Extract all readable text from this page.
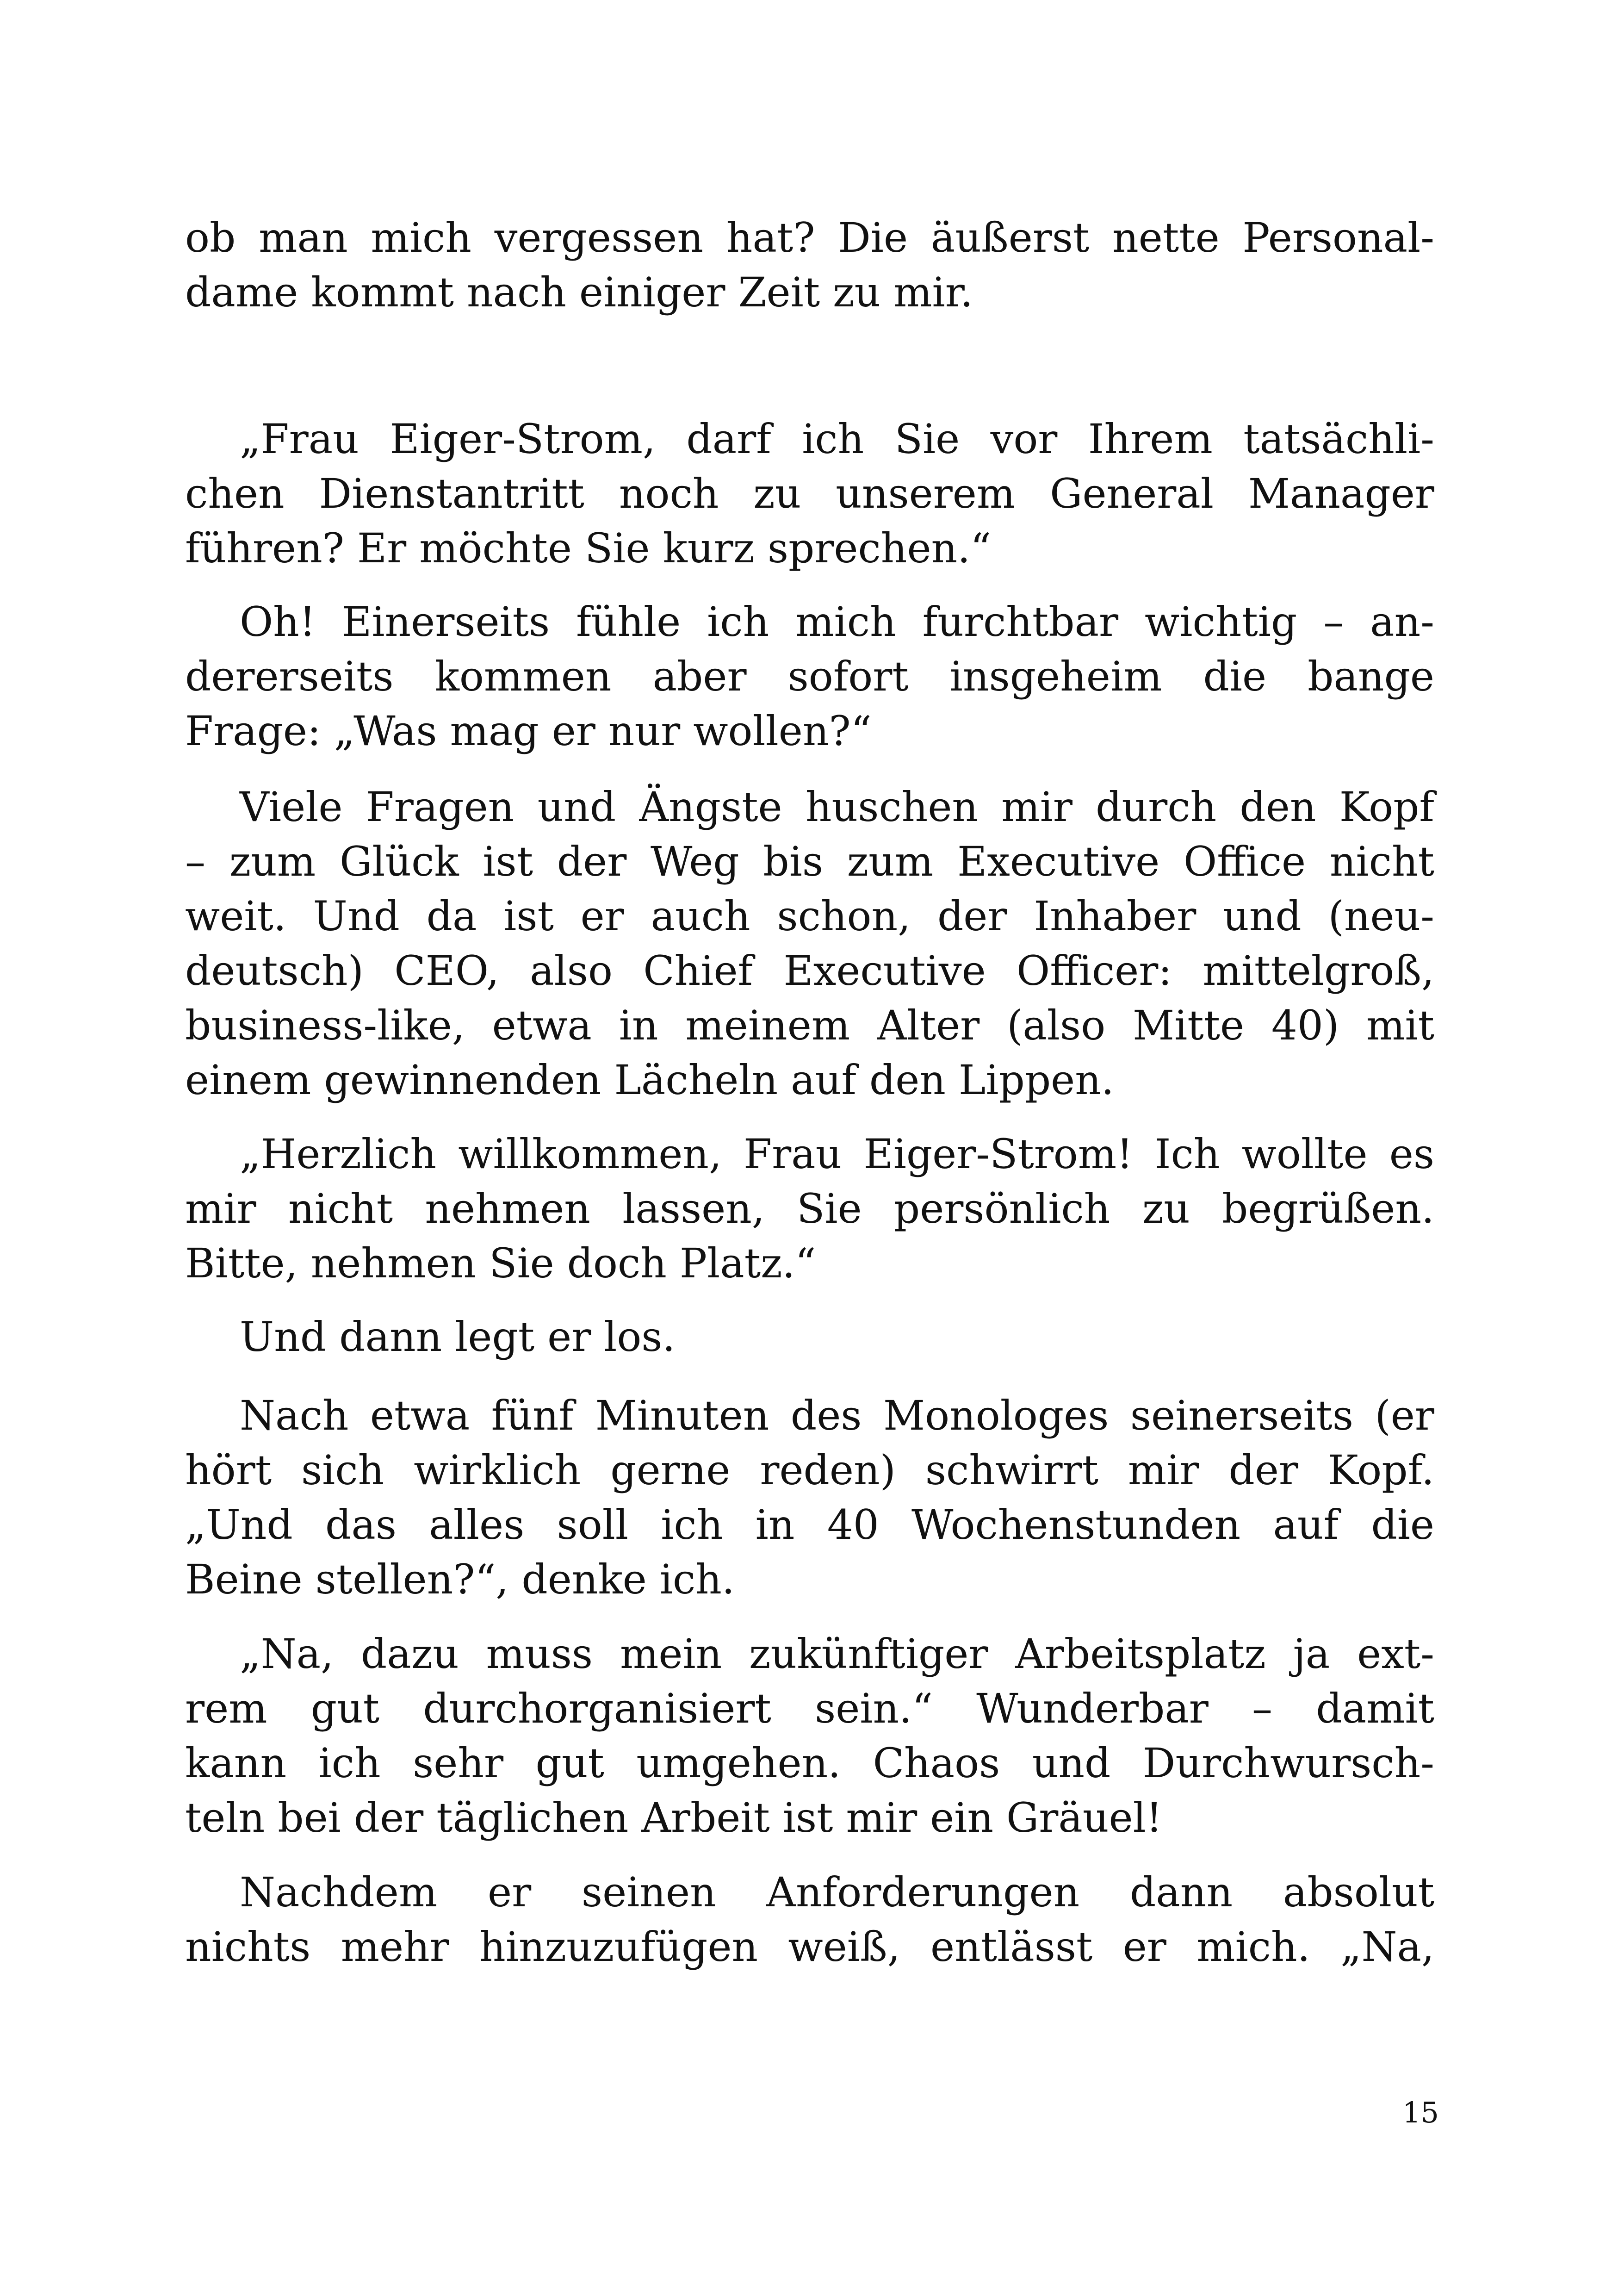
ob man mich vergessen hat? Die äußerst nette Personal-
dame kommt nach einiger Zeit zu mir.
„Frau Eiger-Strom, darf ich Sie vor Ihrem tatsächli-
chen Dienstantritt noch zu unserem General Manager
führen? Er möchte Sie kurz sprechen.“
Oh! Einerseits fühle ich mich furchtbar wichtig – an-
dererseits kommen aber sofort insgeheim die bange
Frage: „Was mag er nur wollen?“
Viele Fragen und Ängste huschen mir durch den Kopf
– zum Glück ist der Weg bis zum Executive Office nicht
weit. Und da ist er auch schon, der Inhaber und (neu-
deutsch) CEO, also Chief Executive Officer: mittelgroß,
business-like, etwa in meinem Alter (also Mitte 40) mit
einem gewinnenden Lächeln auf den Lippen.
„Herzlich willkommen, Frau Eiger-Strom! Ich wollte es
mir nicht nehmen lassen, Sie persönlich zu begrüßen.
Bitte, nehmen Sie doch Platz.“
Und dann legt er los.
Nach etwa fünf Minuten des Monologes seinerseits (er
hört sich wirklich gerne reden) schwirrt mir der Kopf.
„Und das alles soll ich in 40 Wochenstunden auf die
Beine stellen?“, denke ich.
„Na, dazu muss mein zukünftiger Arbeitsplatz ja ext-
rem gut durchorganisiert sein.“ Wunderbar – damit
kann ich sehr gut umgehen. Chaos und Durchwursch-
teln bei der täglichen Arbeit ist mir ein Gräuel!
Nachdem er seinen Anforderungen dann absolut
nichts mehr hinzuzufügen weiß, entlässt er mich. „Na,
15
